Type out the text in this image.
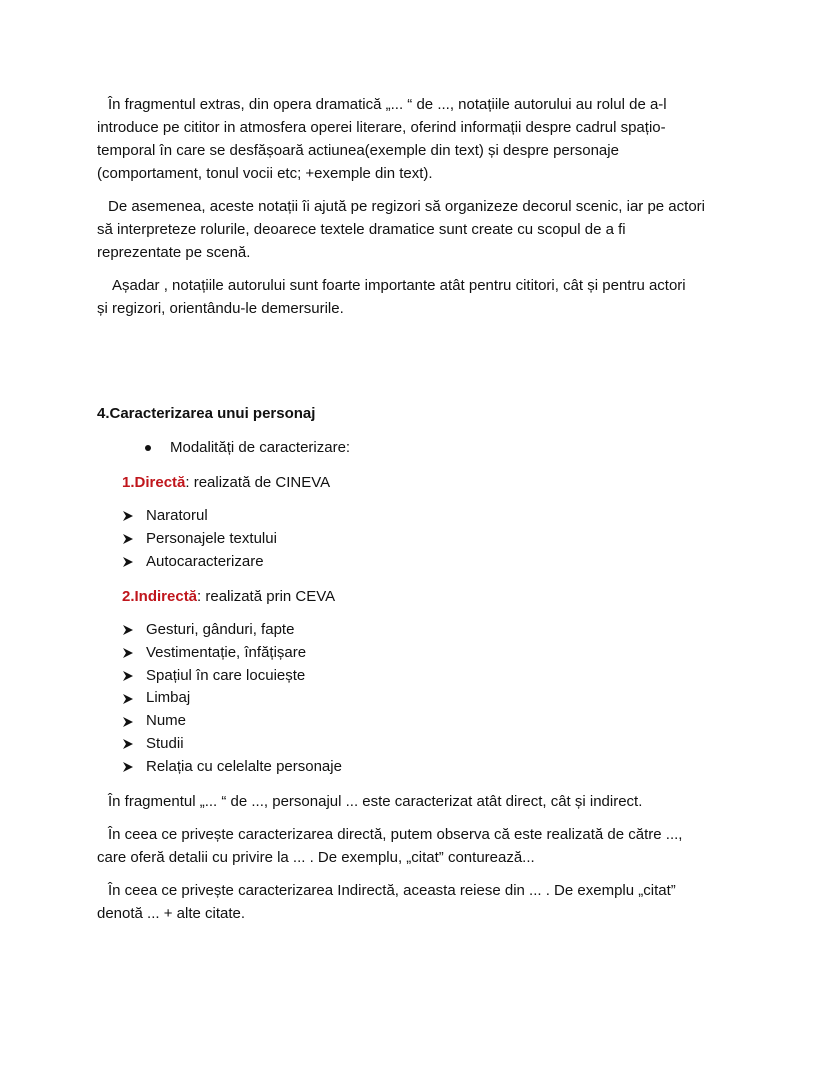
În fragmentul extras, din opera dramatică „... “ de ..., notațiile autorului au rolul de a-l
introduce pe cititor in atmosfera operei literare, oferind informații despre cadrul spațio-
temporal în care se desfășoară actiunea(exemple din text) și despre personaje
(comportament, tonul vocii etc; +exemple din text).

De asemenea, aceste notații îi ajută pe regizori să organizeze decorul scenic, iar pe actori
să interpreteze rolurile, deoarece textele dramatice sunt create cu scopul de a fi
reprezentate pe scenă.

Așadar , notațiile autorului sunt foarte importante atât pentru cititori, cât și pentru actori
și regizori, orientându-le demersurile.

4.Caracterizarea unui personaj

Modalități de caracterizare:

1.Directă: realizată de CINEVA

Naratorul
Personajele textului
Autocaracterizare

2.Indirectă: realizată prin CEVA

Gesturi, gânduri, fapte
Vestimentație, înfățișare
Spațiul în care locuiește
Limbaj
Nume
Studii
Relația cu celelalte personaje

În fragmentul „... “ de ..., personajul ... este caracterizat atât direct, cât și indirect.

În ceea ce privește caracterizarea directă, putem observa că este realizată de către ...,
care oferă detalii cu privire la ... . De exemplu, „citat” conturează...

În ceea ce privește caracterizarea Indirectă, aceasta reiese din ... . De exemplu „citat”
denotă ... + alte citate.
